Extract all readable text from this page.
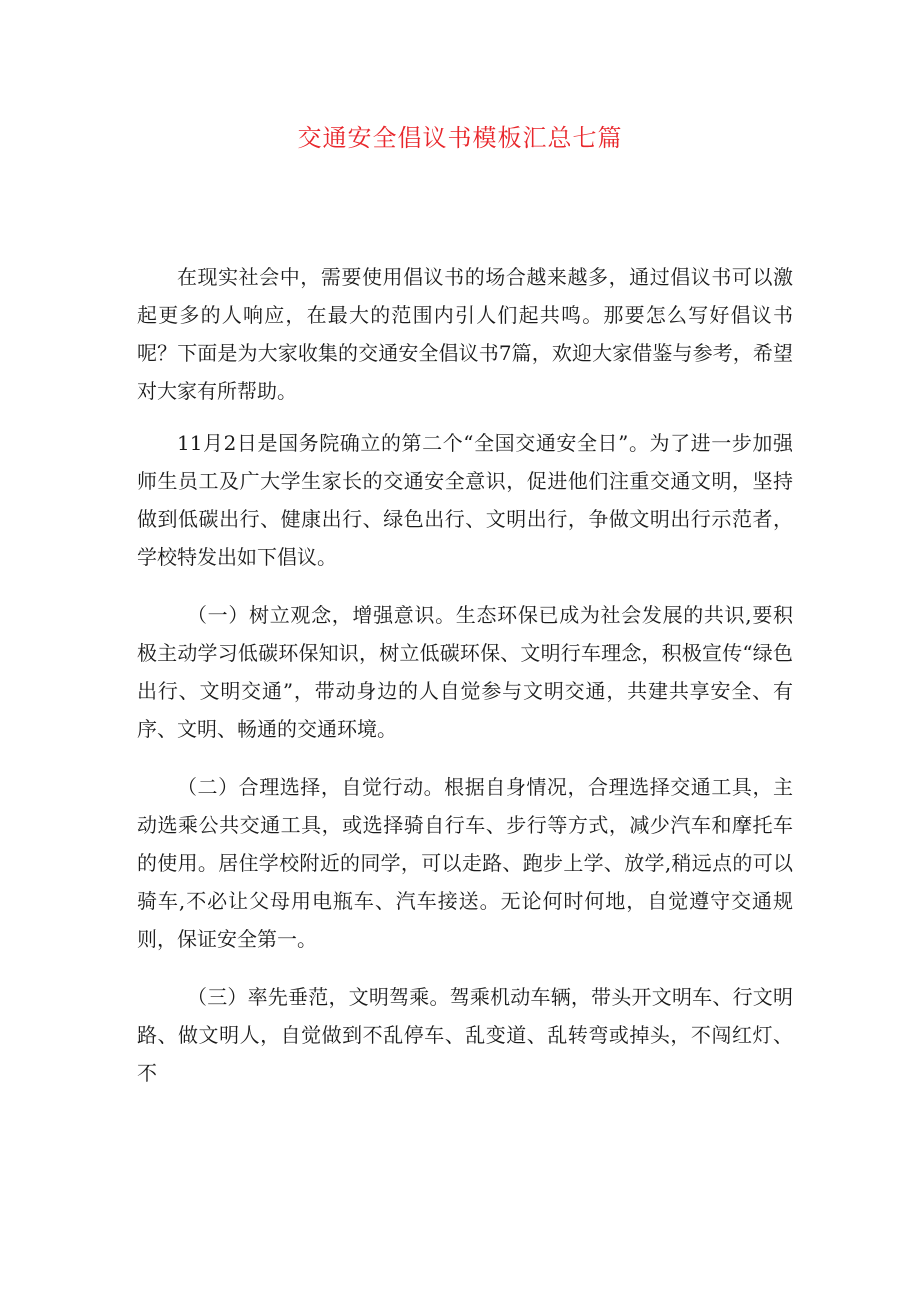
交通安全倡议书模板汇总七篇

在现实社会中，需要使用倡议书的场合越来越多，通过倡议书可以激起更多的人响应，在最大的范围内引人们起共鸣。那要怎么写好倡议书呢？下面是为大家收集的交通安全倡议书7篇，欢迎大家借鉴与参考，希望对大家有所帮助。

11月2日是国务院确立的第二个“全国交通安全日”。为了进一步加强师生员工及广大学生家长的交通安全意识，促进他们注重交通文明，坚持做到低碳出行、健康出行、绿色出行、文明出行，争做文明出行示范者，学校特发出如下倡议。

（一）树立观念，增强意识。生态环保已成为社会发展的共识,要积极主动学习低碳环保知识，树立低碳环保、文明行车理念，积极宣传“绿色出行、文明交通”，带动身边的人自觉参与文明交通，共建共享安全、有序、文明、畅通的交通环境。

（二）合理选择，自觉行动。根据自身情况，合理选择交通工具，主动选乘公共交通工具，或选择骑自行车、步行等方式，减少汽车和摩托车的使用。居住学校附近的同学，可以走路、跑步上学、放学,稍远点的可以骑车,不必让父母用电瓶车、汽车接送。无论何时何地，自觉遵守交通规则，保证安全第一。

（三）率先垂范，文明驾乘。驾乘机动车辆，带头开文明车、行文明路、做文明人，自觉做到不乱停车、乱变道、乱转弯或掉头，不闯红灯、不
